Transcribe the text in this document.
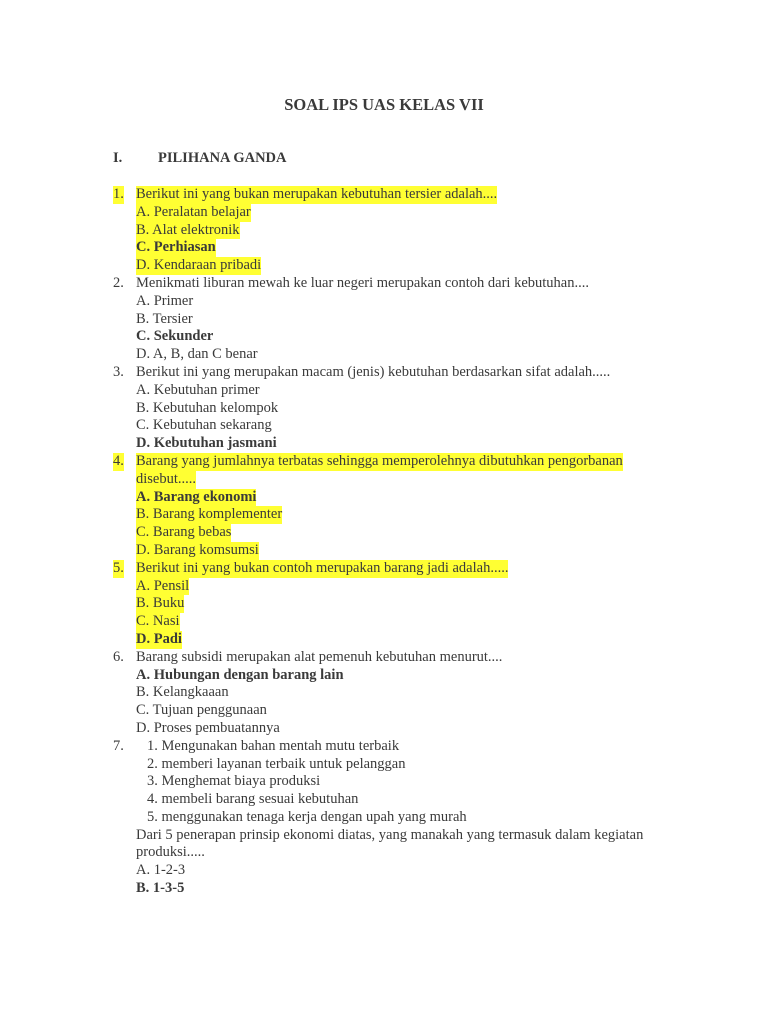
SOAL IPS UAS KELAS VII
I. PILIHANA GANDA
1. Berikut ini yang bukan merupakan kebutuhan tersier adalah....
A. Peralatan belajar
B. Alat elektronik
C. Perhiasan
D. Kendaraan pribadi
2. Menikmati liburan mewah ke luar negeri merupakan contoh dari kebutuhan....
A. Primer
B. Tersier
C. Sekunder
D. A, B, dan C benar
3. Berikut ini yang merupakan macam (jenis) kebutuhan berdasarkan sifat adalah.....
A. Kebutuhan primer
B. Kebutuhan kelompok
C. Kebutuhan sekarang
D. Kebutuhan jasmani
4. Barang yang jumlahnya terbatas sehingga memperolehnya dibutuhkan pengorbanan
disebut.....
A. Barang ekonomi
B. Barang komplementer
C. Barang bebas
D. Barang komsumsi
5. Berikut ini yang bukan contoh merupakan barang jadi adalah.....
A. Pensil
B. Buku
C. Nasi
D. Padi
6. Barang subsidi merupakan alat pemenuh kebutuhan menurut....
A. Hubungan dengan barang lain
B. Kelangkaaan
C. Tujuan penggunaan
D. Proses pembuatannya
7. 1. Mengunakan bahan mentah mutu terbaik
2. memberi layanan terbaik untuk pelanggan
3. Menghemat biaya produksi
4. membeli barang sesuai kebutuhan
5. menggunakan tenaga kerja dengan upah yang murah
Dari 5 penerapan prinsip ekonomi diatas, yang manakah yang termasuk dalam kegiatan
produksi.....
A. 1-2-3
B. 1-3-5
